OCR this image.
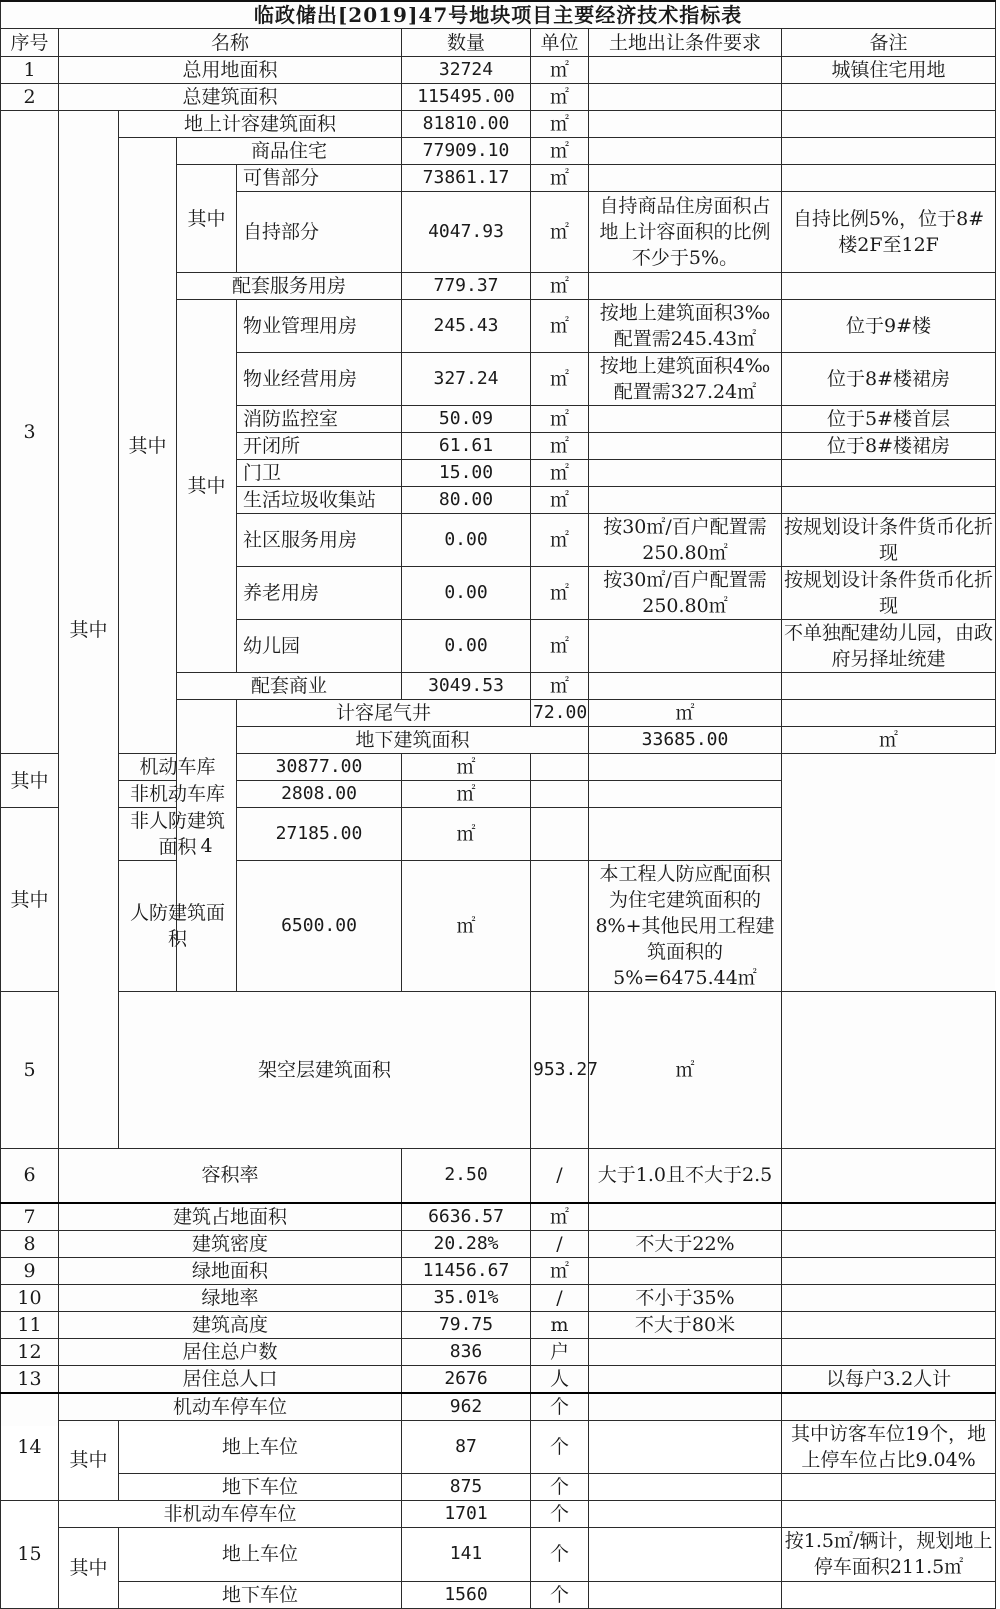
临政储出[2019]47号地块项目主要经济技术指标表									
序号	名称				数量	单位	土地出让条件要求	备注	
1	总用地面积				32724	㎡		城镇住宅用地	
2	总建筑面积				115495.00	㎡			
3	其中	地上计容建筑面积			81810.00	㎡			
		其中	商品住宅		77909.10	㎡			
			其中	可售部分	73861.17	㎡			
				自持部分	4047.93	㎡	自持商品住房面积占地上计容面积的比例不少于5%。	自持比例5%，位于8#楼2F至12F	
			配套服务用房		779.37	㎡			
			其中	物业管理用房	245.43	㎡	按地上建筑面积3‰配置需245.43㎡	位于9#楼	
				物业经营用房	327.24	㎡	按地上建筑面积4‰配置需327.24㎡	位于8#楼裙房	
				消防监控室	50.09	㎡		位于5#楼首层	
				开闭所	61.61	㎡		位于8#楼裙房	
				门卫	15.00	㎡			
				生活垃圾收集站	80.00	㎡			
				社区服务用房	0.00	㎡	按30㎡/百户配置需250.80㎡	按规划设计条件货币化折现	
				养老用房	0.00	㎡	按30㎡/百户配置需250.80㎡	按规划设计条件货币化折现	
				幼儿园	0.00	㎡		不单独配建幼儿园，由政府另择址统建	
			配套商业		3049.53	㎡			
			4	计容尾气井		72.00	㎡		
				地下建筑面积			33685.00	㎡		
其中		机动车库		30877.00	㎡				
		非机动车库		2808.00	㎡				
其中		非人防建筑面积		27185.00	㎡				
		人防建筑面积		6500.00	㎡		本工程人防应配面积为住宅建筑面积的8%+其他民用工程建筑面积的5%=6475.44㎡		
5		架空层建筑面积				953.27	㎡		
6	容积率				2.50	/	大于1.0且不大于2.5		
7	建筑占地面积				6636.57	㎡			
8	建筑密度				20.28%	/	不大于22%		
9	绿地面积				11456.67	㎡			
10	绿地率				35.01%	/	不小于35%		
11	建筑高度				79.75	m	不大于80米		
12	居住总户数				836	户			
13	居住总人口				2676	人		以每户3.2人计	
14	机动车停车位				962	个			
	其中	地上车位			87	个		其中访客车位19个，地上停车位占比9.04%	
		地下车位			875	个			
15	非机动车停车位				1701	个			
	其中	地上车位			141	个		按1.5㎡/辆计，规划地上停车面积211.5㎡	
		地下车位			1560	个			
